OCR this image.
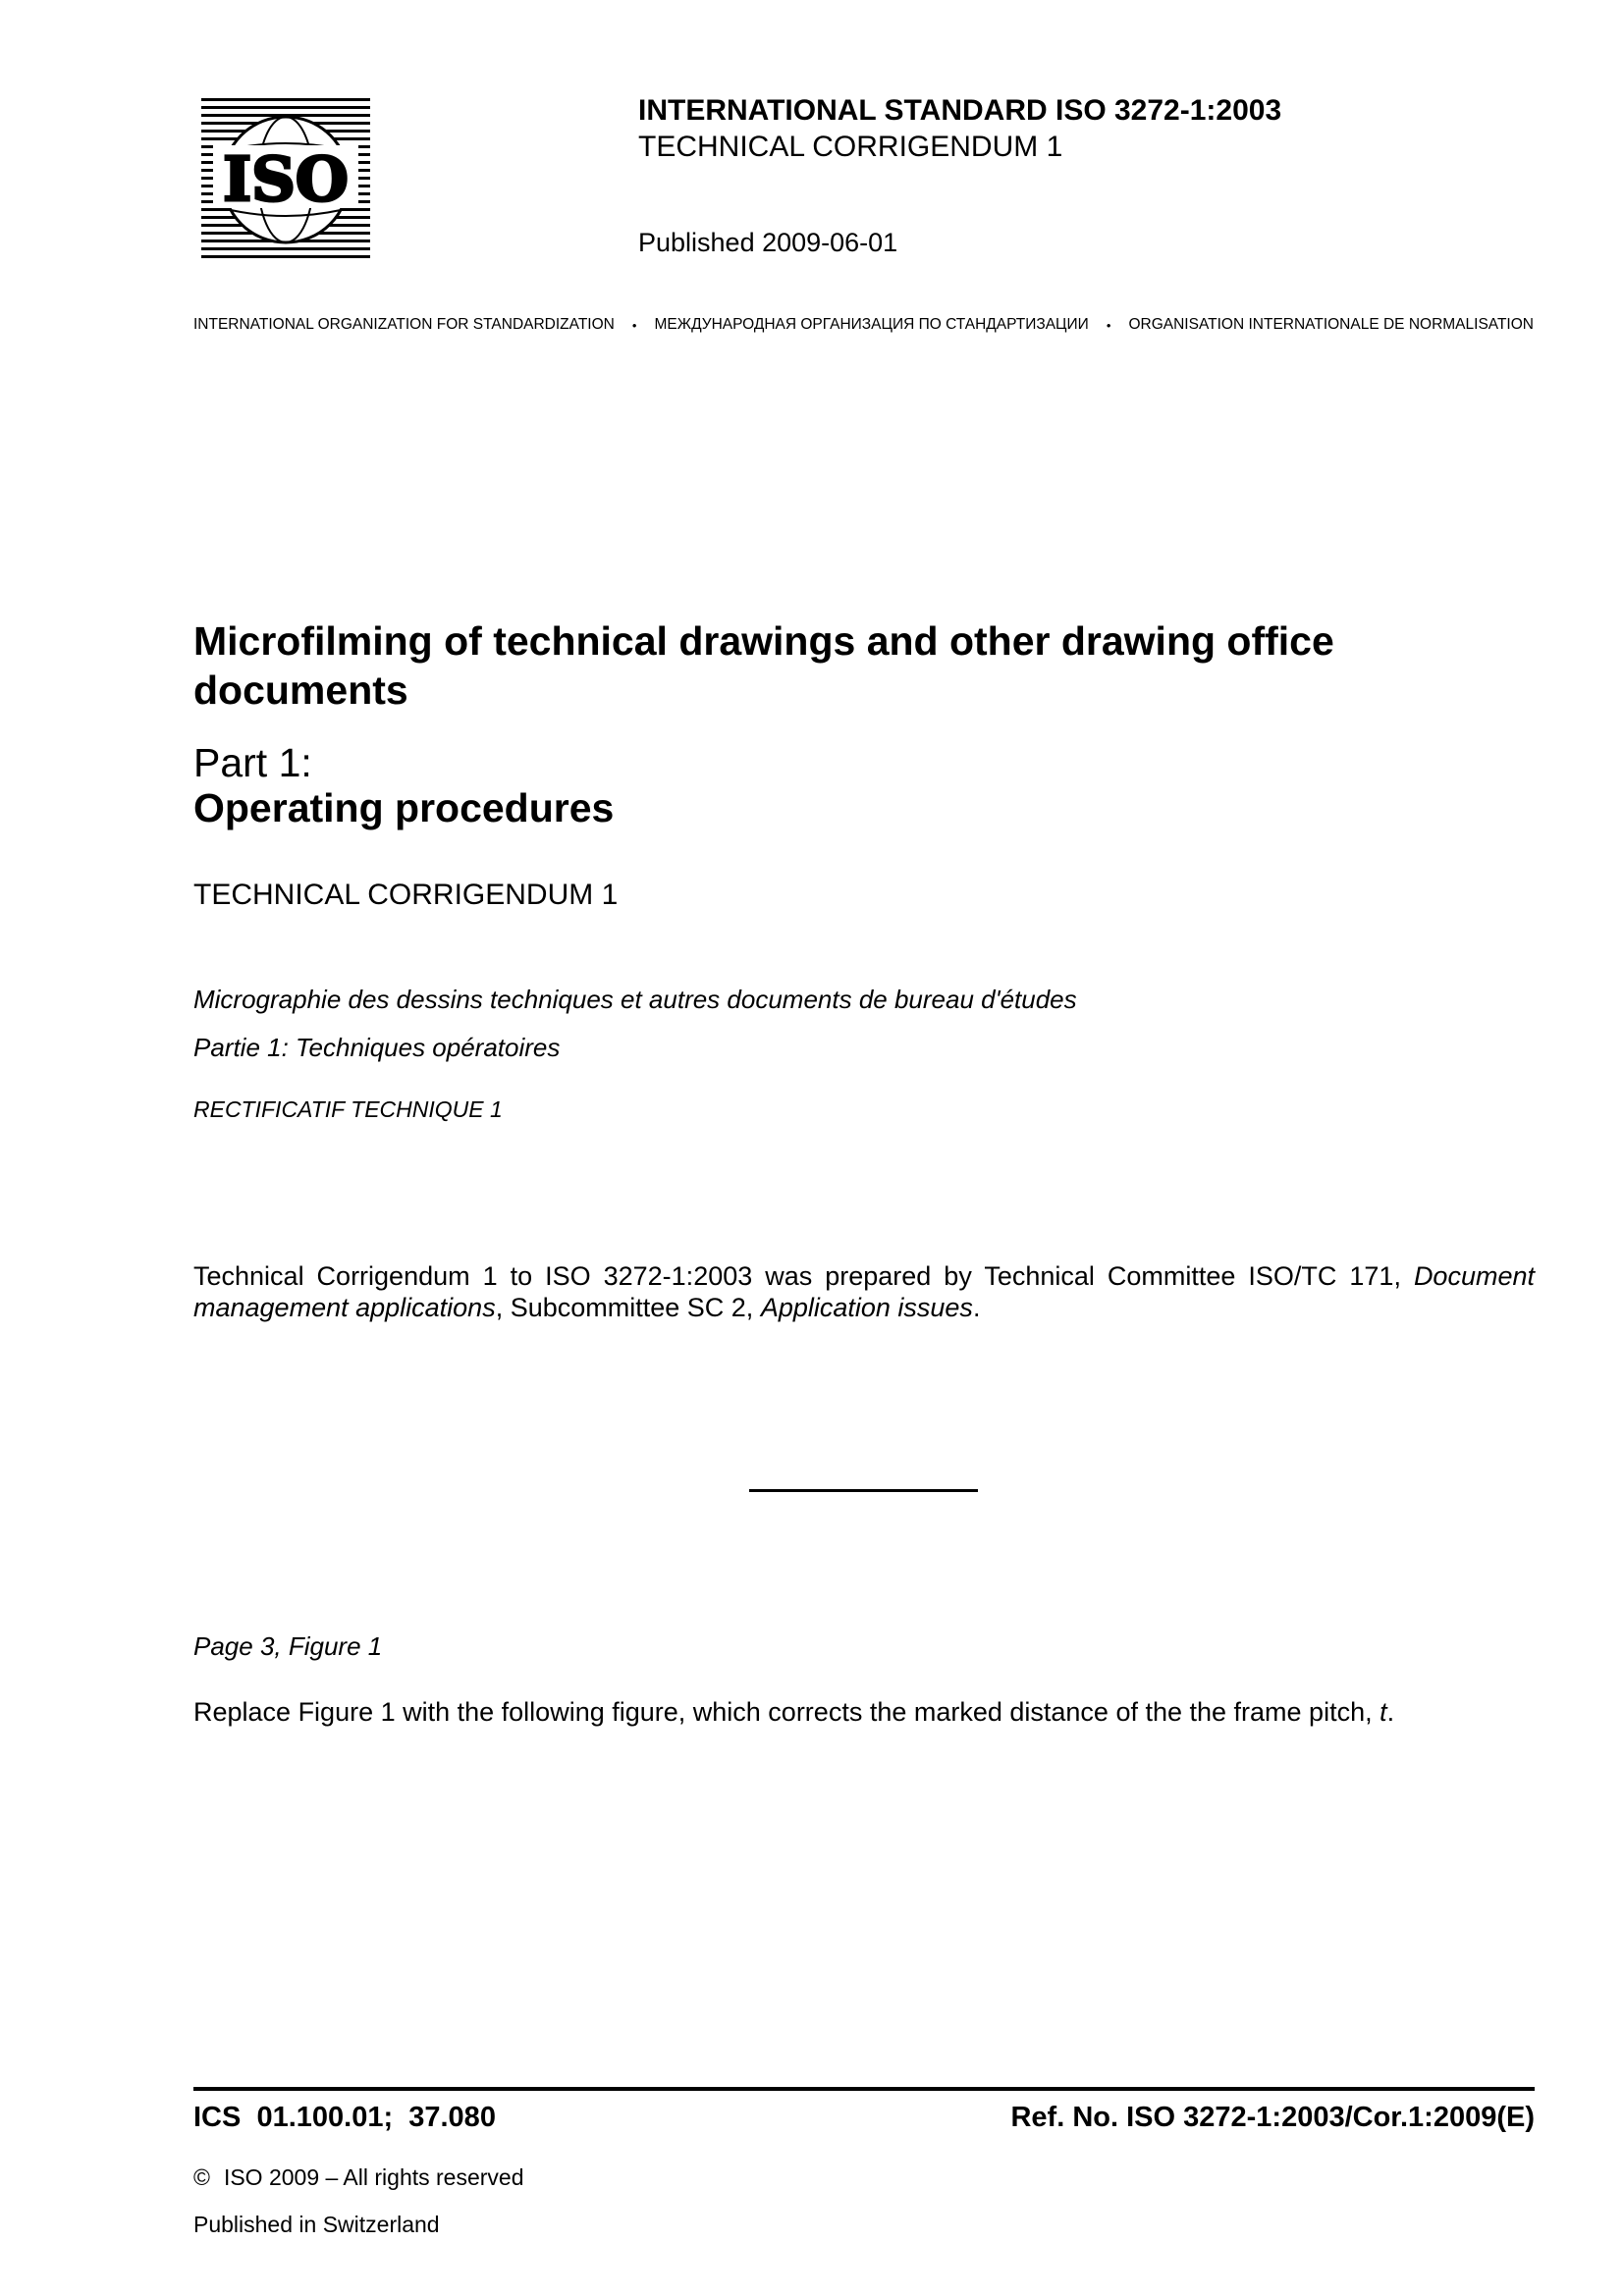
ISO
INTERNATIONAL STANDARD ISO 3272-1:2003
TECHNICAL CORRIGENDUM 1
Published 2009-06-01
INTERNATIONAL ORGANIZATION FOR STANDARDIZATION	•	МЕЖДУНАРОДНАЯ ОРГАНИЗАЦИЯ ПО СТАНДАРТИЗАЦИИ	•	ORGANISATION INTERNATIONALE DE NORMALISATION
Microfilming of technical drawings and other drawing office documents
Part 1:
Operating procedures
TECHNICAL CORRIGENDUM 1
Micrographie des dessins techniques et autres documents de bureau d'études
Partie 1: Techniques opératoires
RECTIFICATIF TECHNIQUE 1
Technical Corrigendum 1 to ISO 3272-1:2003 was prepared by Technical Committee ISO/TC 171, Document management applications, Subcommittee SC 2, Application issues.
Page 3, Figure 1
Replace Figure 1 with the following figure, which corrects the marked distance of the the frame pitch, t.
ICS  01.100.01;  37.080	Ref. No. ISO 3272-1:2003/Cor.1:2009(E)
© ISO 2009 – All rights reserved
Published in Switzerland
